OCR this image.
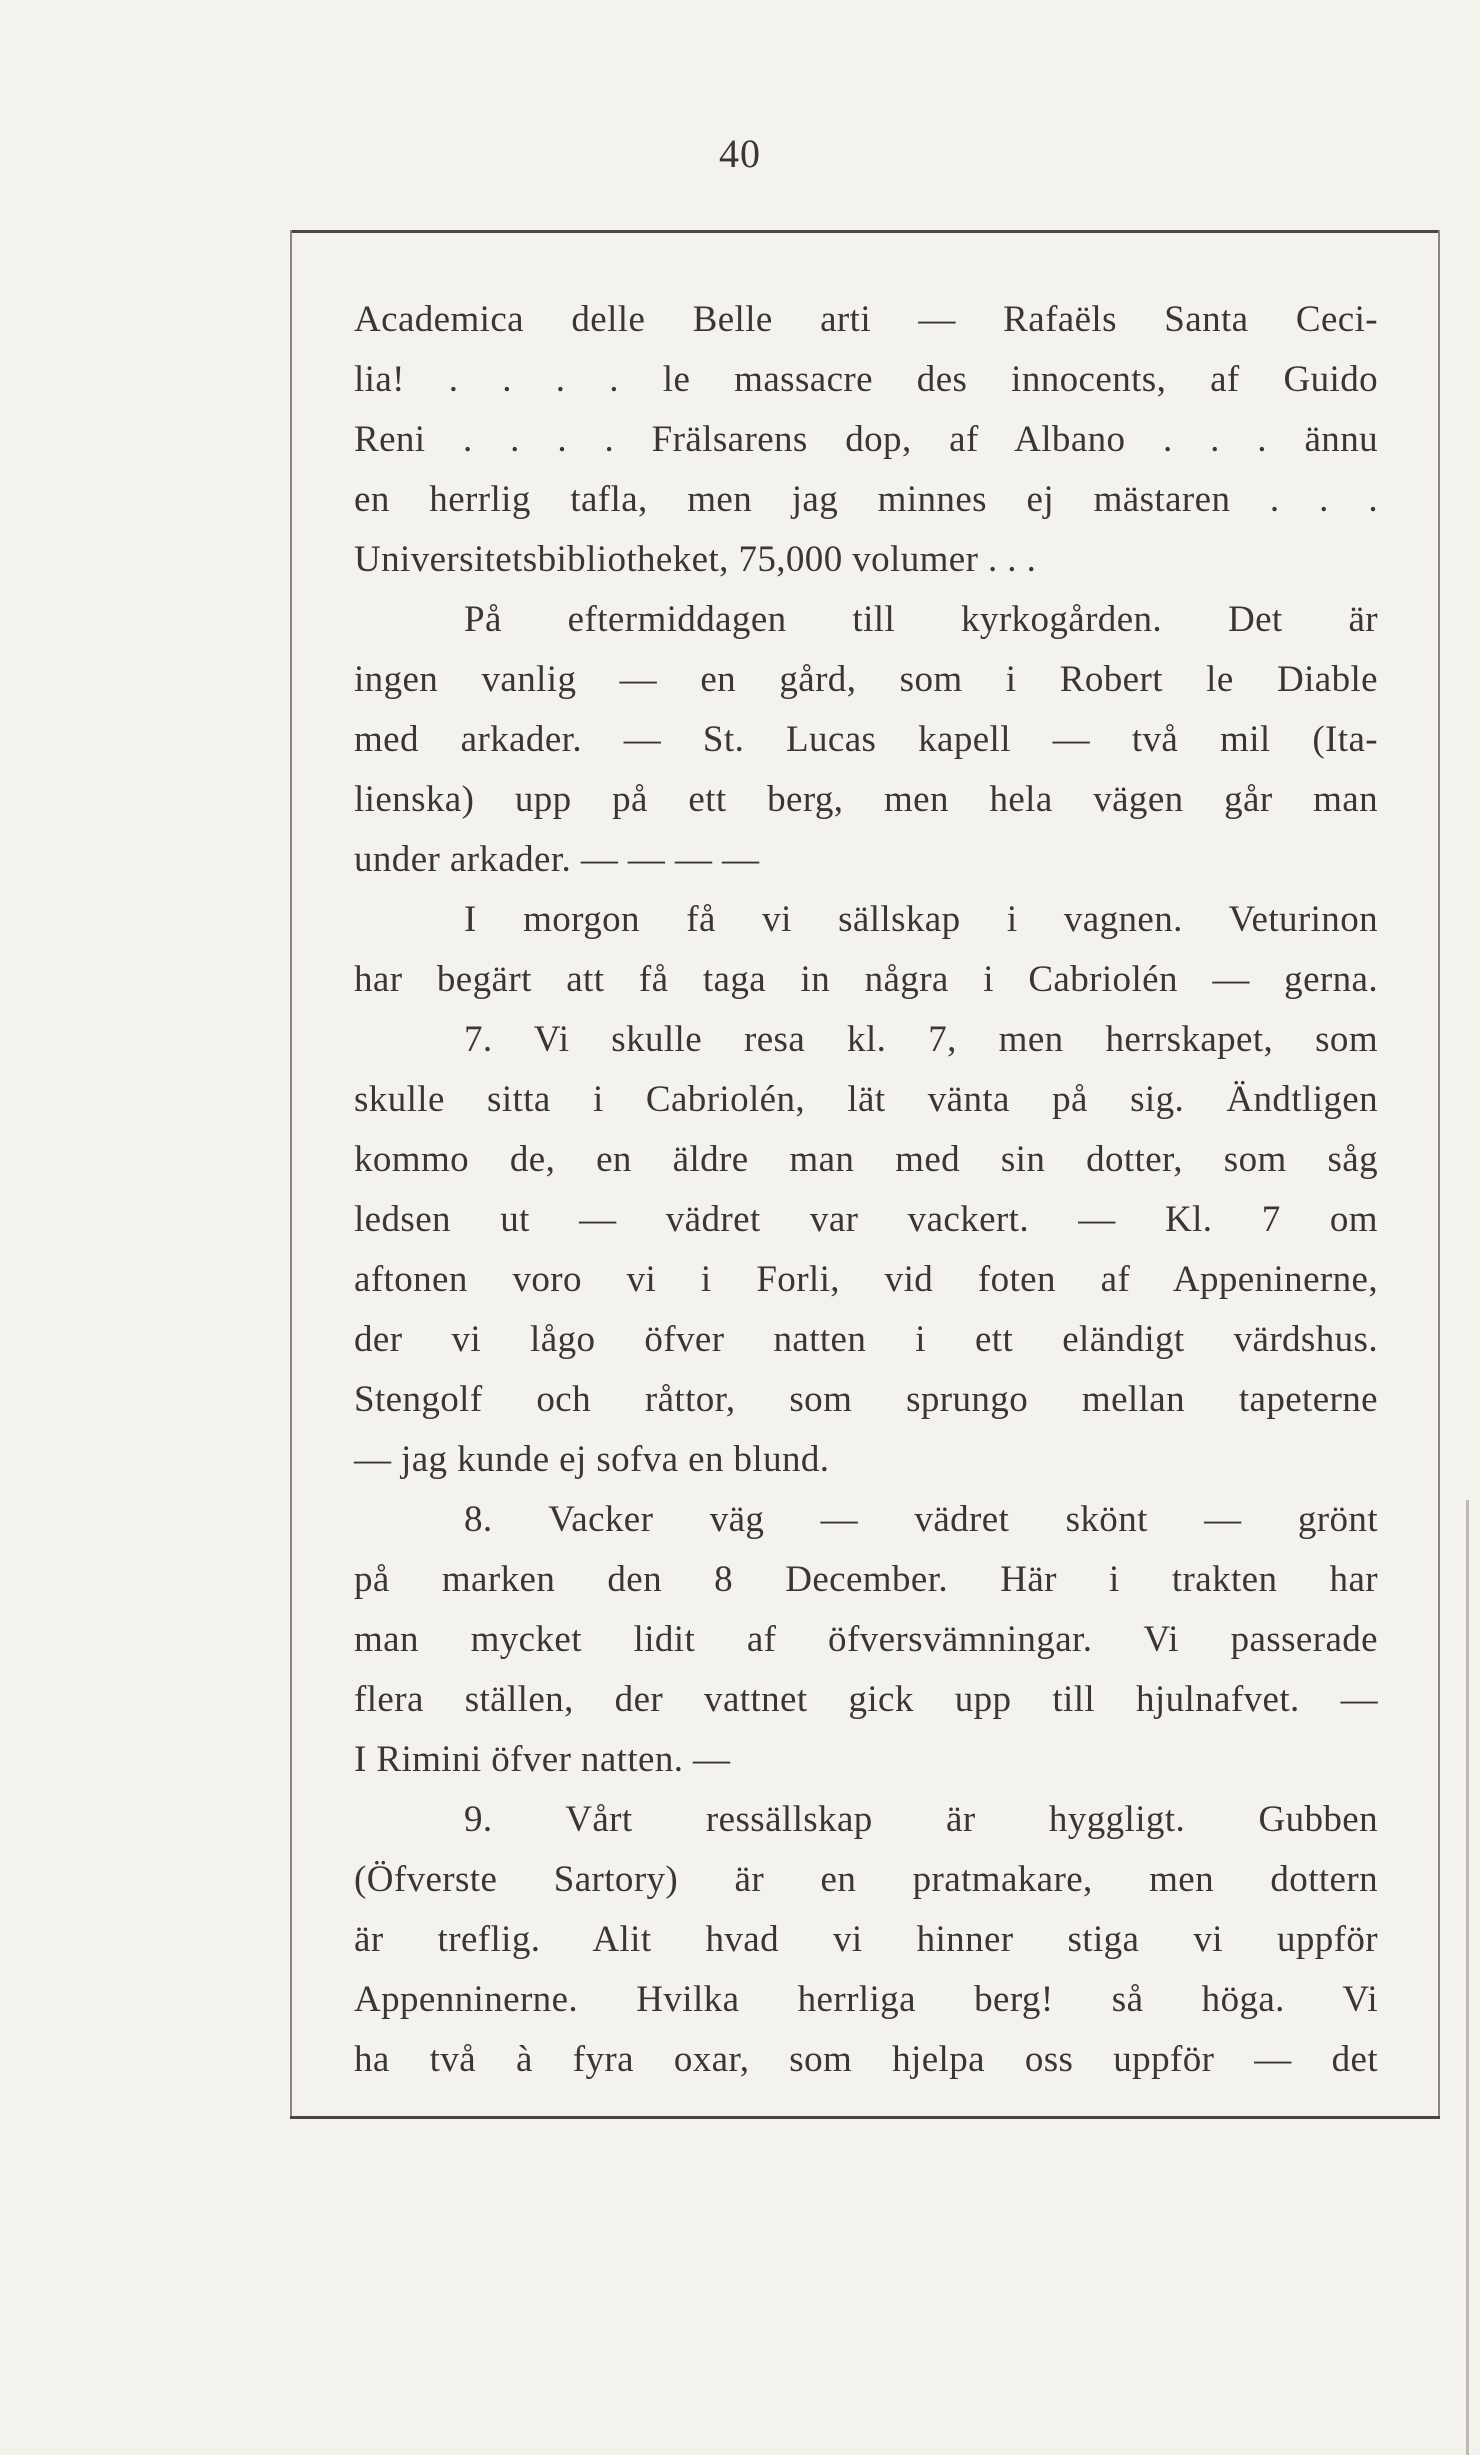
40
Academica delle Belle arti — Rafaëls Santa Ceci-
lia! . . . . le massacre des innocents, af Guido
Reni . . . . Frälsarens dop, af Albano . . . ännu
en herrlig tafla, men jag minnes ej mästaren . . .
Universitetsbibliotheket, 75,000 volumer . . .
På eftermiddagen till kyrkogården. Det är
ingen vanlig — en gård, som i Robert le Diable
med arkader. — St. Lucas kapell — två mil (Ita-
lienska) upp på ett berg, men hela vägen går man
under arkader. — — — —
I morgon få vi sällskap i vagnen. Veturinon
har begärt att få taga in några i Cabriolén — gerna.
7. Vi skulle resa kl. 7, men herrskapet, som
skulle sitta i Cabriolén, lät vänta på sig. Ändtligen
kommo de, en äldre man med sin dotter, som såg
ledsen ut — vädret var vackert. — Kl. 7 om
aftonen voro vi i Forli, vid foten af Appeninerne,
der vi lågo öfver natten i ett eländigt värdshus.
Stengolf och råttor, som sprungo mellan tapeterne
— jag kunde ej sofva en blund.
8. Vacker väg — vädret skönt — grönt
på marken den 8 December. Här i trakten har
man mycket lidit af öfversvämningar. Vi passerade
flera ställen, der vattnet gick upp till hjulnafvet. —
I Rimini öfver natten. —
9. Vårt ressällskap är hyggligt. Gubben
(Öfverste Sartory) är en pratmakare, men dottern
är treflig. Alit hvad vi hinner stiga vi uppför
Appenninerne. Hvilka herrliga berg! så höga. Vi
ha två à fyra oxar, som hjelpa oss uppför — det
